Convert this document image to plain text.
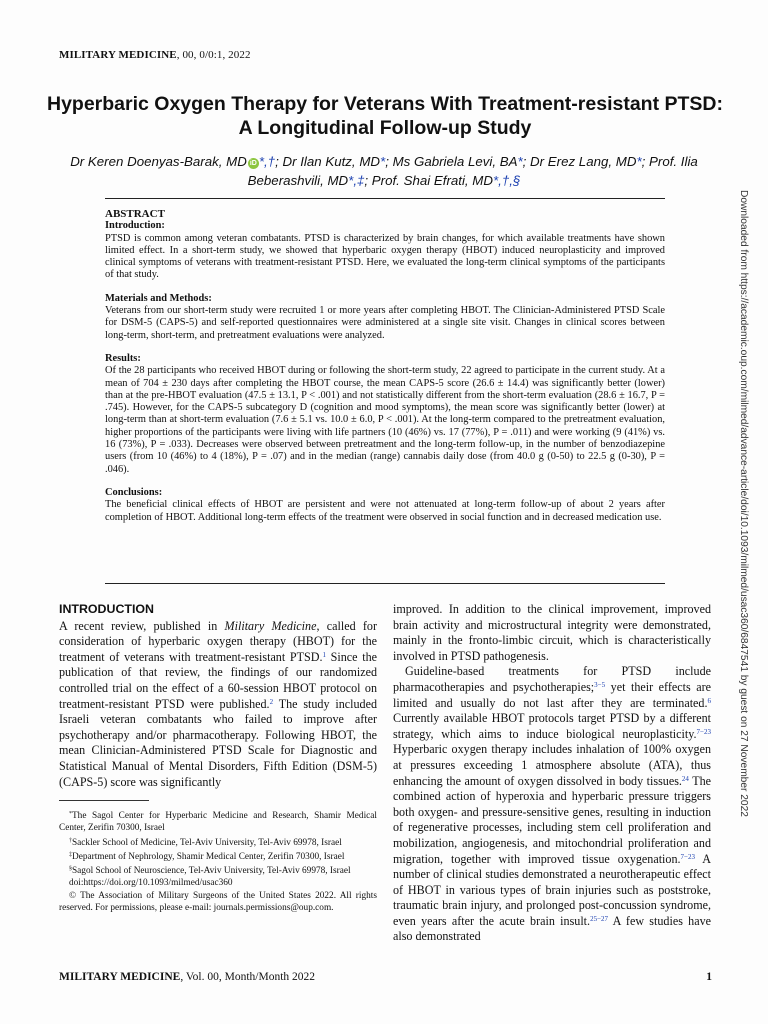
MILITARY MEDICINE, 00, 0/0:1, 2022
Hyperbaric Oxygen Therapy for Veterans With Treatment-resistant PTSD: A Longitudinal Follow-up Study
Dr Keren Doenyas-Barak, MD iD *,†; Dr Ilan Kutz, MD*; Ms Gabriela Levi, BA*; Dr Erez Lang, MD*; Prof. Ilia Beberashvili, MD*,‡; Prof. Shai Efrati, MD*,†,§
ABSTRACT
Introduction:

PTSD is common among veteran combatants. PTSD is characterized by brain changes, for which available treatments have shown limited effect. In a short-term study, we showed that hyperbaric oxygen therapy (HBOT) induced neuroplasticity and improved clinical symptoms of veterans with treatment-resistant PTSD. Here, we evaluated the long-term clinical symptoms of the participants of that study.

Materials and Methods:

Veterans from our short-term study were recruited 1 or more years after completing HBOT. The Clinician-Administered PTSD Scale for DSM-5 (CAPS-5) and self-reported questionnaires were administered at a single site visit. Changes in clinical scores between long-term, short-term, and pretreatment evaluations were analyzed.

Results:

Of the 28 participants who received HBOT during or following the short-term study, 22 agreed to participate in the current study. At a mean of 704 ± 230 days after completing the HBOT course, the mean CAPS-5 score (26.6 ± 14.4) was significantly better (lower) than at the pre-HBOT evaluation (47.5 ± 13.1, P < .001) and not statistically different from the short-term evaluation (28.6 ± 16.7, P = .745). However, for the CAPS-5 subcategory D (cognition and mood symptoms), the mean score was significantly better (lower) at long-term than at short-term evaluation (7.6 ± 5.1 vs. 10.0 ± 6.0, P < .001). At the long-term compared to the pretreatment evaluation, higher proportions of the participants were living with life partners (10 (46%) vs. 17 (77%), P = .011) and were working (9 (41%) vs. 16 (73%), P = .033). Decreases were observed between pretreatment and the long-term follow-up, in the number of benzodiazepine users (from 10 (46%) to 4 (18%), P = .07) and in the median (range) cannabis daily dose (from 40.0 g (0-50) to 22.5 g (0-30), P = .046).

Conclusions:

The beneficial clinical effects of HBOT are persistent and were not attenuated at long-term follow-up of about 2 years after completion of HBOT. Additional long-term effects of the treatment were observed in social function and in decreased medication use.

INTRODUCTION

A recent review, published in Military Medicine, called for consideration of hyperbaric oxygen therapy (HBOT) for the treatment of veterans with treatment-resistant PTSD.$^1$ Since the publication of that review, the findings of our randomized controlled trial on the effect of a 60-session HBOT protocol on treatment-resistant PTSD were published.$^2$ The study included Israeli veteran combatants who failed to improve after psychotherapy and/or pharmacotherapy. Following HBOT, the mean Clinician-Administered PTSD Scale for Diagnostic and Statistical Manual of Mental Disorders, Fifth Edition (DSM-5) (CAPS-5) score was significantly

*The Sagol Center for Hyperbaric Medicine and Research, Shamir Medical Center, Zerifin 70300, Israel

†Sackler School of Medicine, Tel-Aviv University, Tel-Aviv 69978, Israel

‡Department of Nephrology, Shamir Medical Center, Zerifin 70300, Israel

§Sagol School of Neuroscience, Tel-Aviv University, Tel-Aviv 69978, Israel

doi:https://doi.org/10.1093/milmed/usac360

© The Association of Military Surgeons of the United States 2022. All rights reserved. For permissions, please e-mail: journals.permissions@oup.com.

improved. In addition to the clinical improvement, improved brain activity and microstructural integrity were demonstrated, mainly in the fronto-limbic circuit, which is characteristically involved in PTSD pathogenesis.

Guideline-based treatments for PTSD include pharmacotherapies and psychotherapies;$^{3-5}$ yet their effects are limited and usually do not last after they are terminated.$^6$ Currently available HBOT protocols target PTSD by a different strategy, which aims to induce biological neuroplasticity.$^{7-23}$ Hyperbaric oxygen therapy includes inhalation of 100% oxygen at pressures exceeding 1 atmosphere absolute (ATA), thus enhancing the amount of oxygen dissolved in body tissues.$^{24}$ The combined action of hyperoxia and hyperbaric pressure triggers both oxygen- and pressure-sensitive genes, resulting in induction of regenerative processes, including stem cell proliferation and mobilization, angiogenesis, and mitochondrial proliferation and migration, together with improved tissue oxygenation.$^{7-23}$ A number of clinical studies demonstrated a neurotherapeutic effect of HBOT in various types of brain injuries such as poststroke, traumatic brain injury, and prolonged post-concussion syndrome, even years after the acute brain insult.$^{25-27}$ A few studies have also demonstrated

MILITARY MEDICINE, Vol. 00, Month/Month 2022	1
Downloaded from https://academic.oup.com/milmed/advance-article/doi/10.1093/milmed/usac360/6847541 by guest on 27 November 2022
